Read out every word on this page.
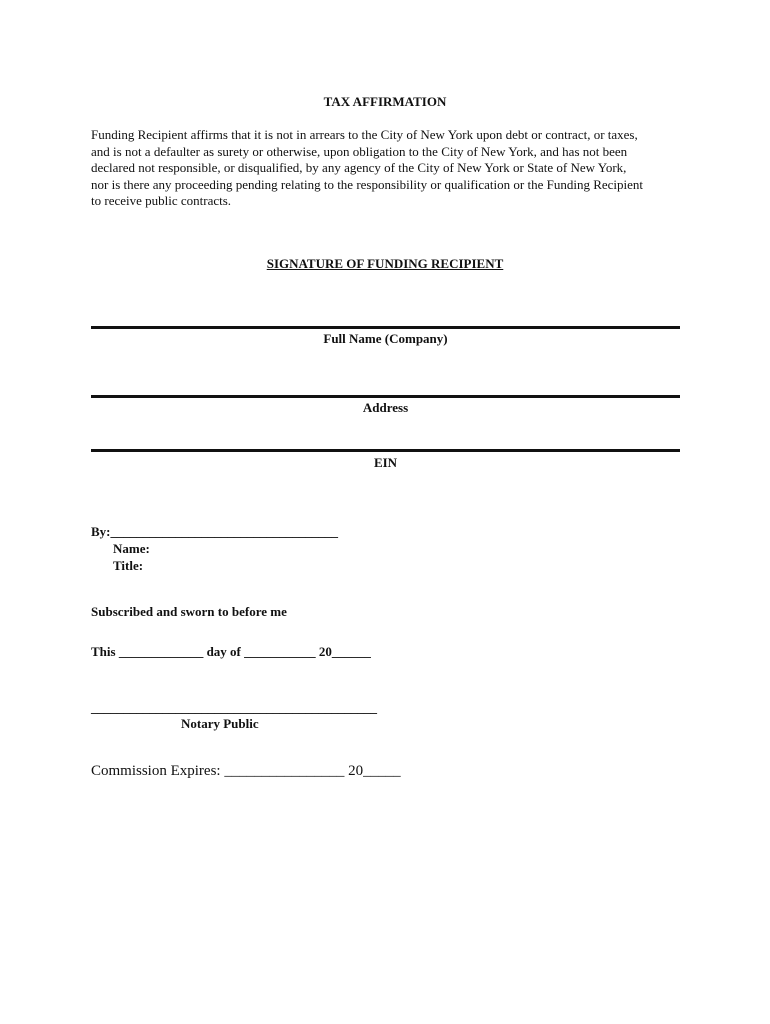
TAX AFFIRMATION
Funding Recipient affirms that it is not in arrears to the City of New York upon debt or contract, or taxes,
and is not a defaulter as surety or otherwise, upon obligation to the City of New York, and has not been
declared not responsible, or disqualified, by any agency of the City of New York or State of New York,
nor is there any proceeding pending relating to the responsibility or qualification or the Funding Recipient
to receive public contracts.
SIGNATURE OF FUNDING RECIPIENT
Full Name (Company)
Address
EIN
By:___________________________________
Name:
Title:
Subscribed and sworn to before me
This _____________ day of ___________ 20______
____________________________________________
Notary Public
Commission Expires: ________________ 20_____
